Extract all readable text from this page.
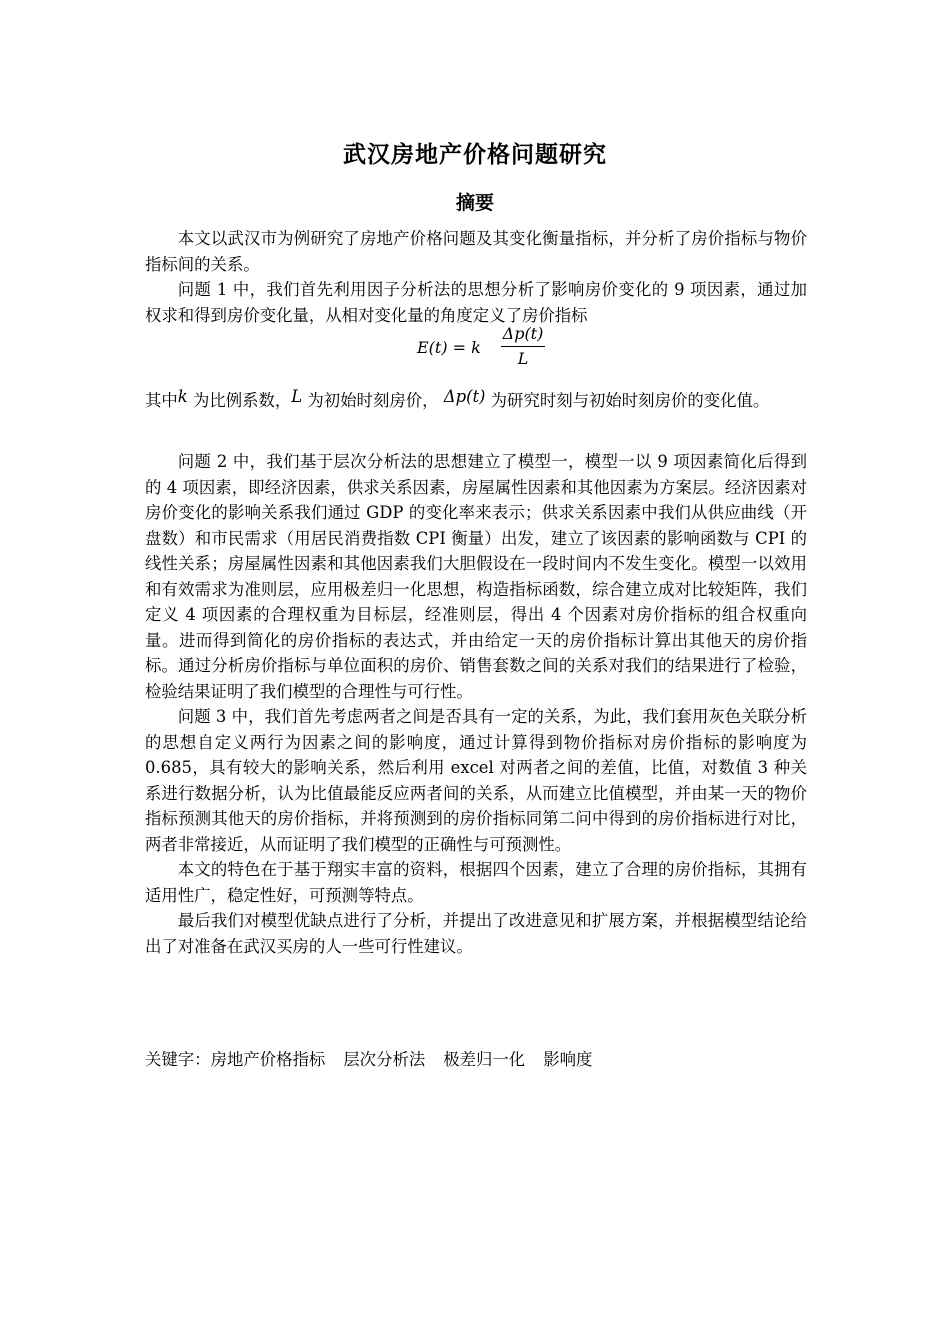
武汉房地产价格问题研究
摘要

本文以武汉市为例研究了房地产价格问题及其变化衡量指标，并分析了房价指标与物价指标间的关系。

问题 1 中，我们首先利用因子分析法的思想分析了影响房价变化的 9 项因素，通过加权求和得到房价变化量，从相对变化量的角度定义了房价指标

E(t) = k
Δp(t)
L

其中k 为比例系数，L 为初始时刻房价， Δp(t) 为研究时刻与初始时刻房价的变化值。

问题 2 中，我们基于层次分析法的思想建立了模型一，模型一以 9 项因素简化后得到的 4 项因素，即经济因素，供求关系因素，房屋属性因素和其他因素为方案层。经济因素对房价变化的影响关系我们通过 GDP 的变化率来表示；供求关系因素中我们从供应曲线（开盘数）和市民需求（用居民消费指数 CPI 衡量）出发，建立了该因素的影响函数与 CPI 的线性关系；房屋属性因素和其他因素我们大胆假设在一段时间内不发生变化。模型一以效用和有效需求为准则层，应用极差归一化思想，构造指标函数，综合建立成对比较矩阵，我们定义 4 项因素的合理权重为目标层，经准则层，得出 4 个因素对房价指标的组合权重向量。进而得到简化的房价指标的表达式，并由给定一天的房价指标计算出其他天的房价指标。通过分析房价指标与单位面积的房价、销售套数之间的关系对我们的结果进行了检验，检验结果证明了我们模型的合理性与可行性。

问题 3 中，我们首先考虑两者之间是否具有一定的关系，为此，我们套用灰色关联分析的思想自定义两行为因素之间的影响度，通过计算得到物价指标对房价指标的影响度为 0.685，具有较大的影响关系，然后利用 excel 对两者之间的差值，比值，对数值 3 种关系进行数据分析，认为比值最能反应两者间的关系，从而建立比值模型，并由某一天的物价指标预测其他天的房价指标，并将预测到的房价指标同第二问中得到的房价指标进行对比，两者非常接近，从而证明了我们模型的正确性与可预测性。

本文的特色在于基于翔实丰富的资料，根据四个因素，建立了合理的房价指标，其拥有适用性广，稳定性好，可预测等特点。

最后我们对模型优缺点进行了分析，并提出了改进意见和扩展方案，并根据模型结论给出了对准备在武汉买房的人一些可行性建议。

关键字：房地产价格指标 层次分析法 极差归一化 影响度
